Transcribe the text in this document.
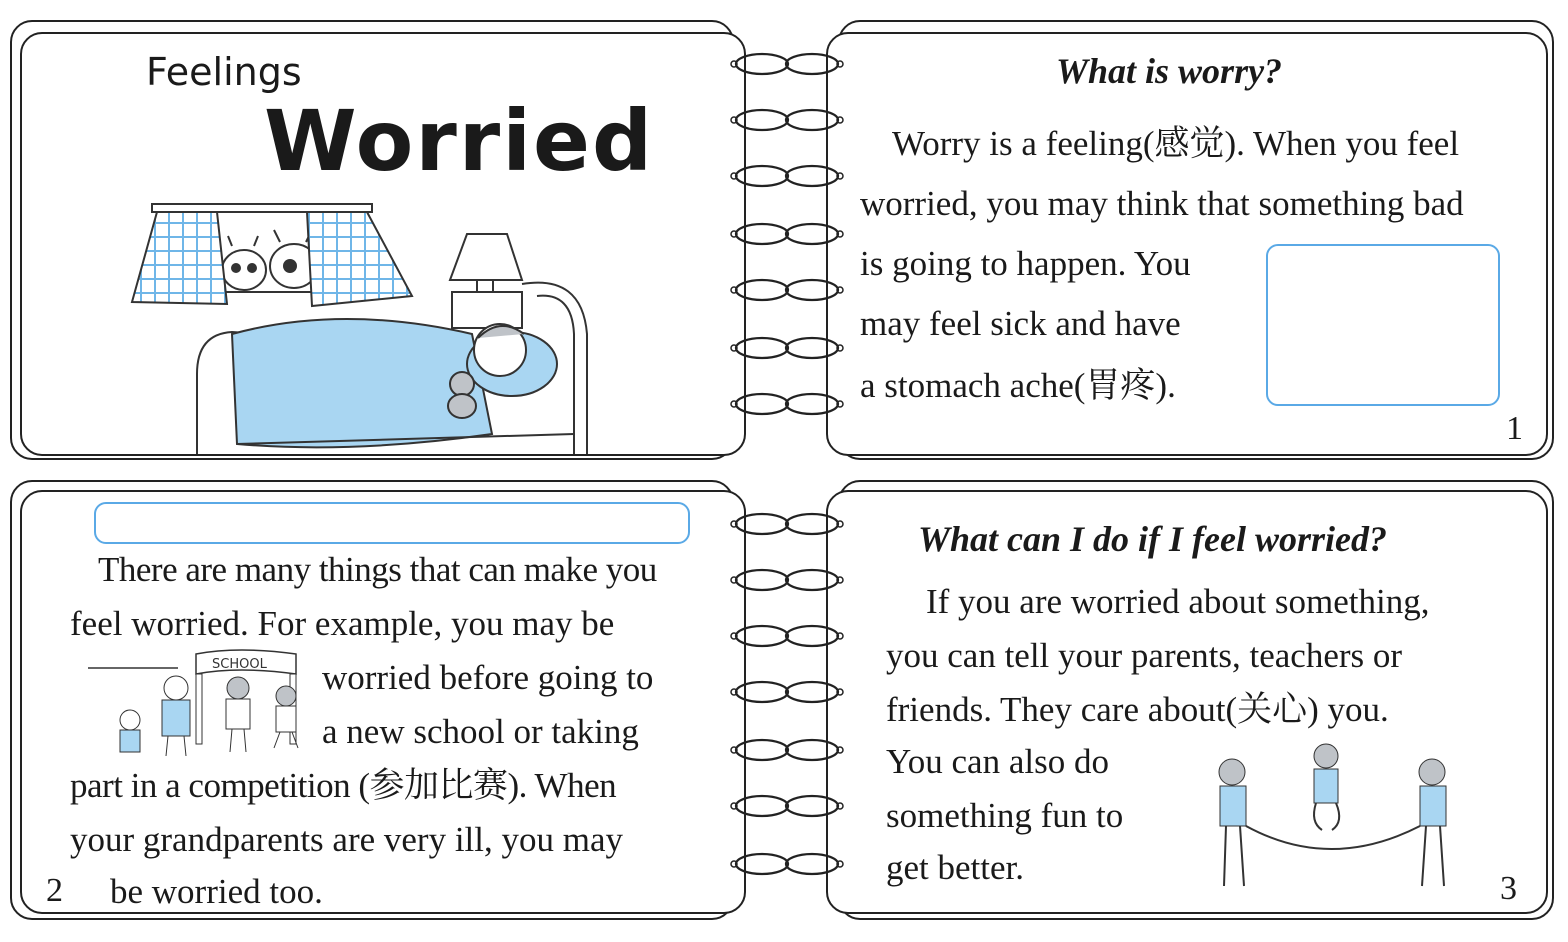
Feelings
Worried
What is worry?
Worry is a feeling(感觉). When you feel
worried, you may think that something bad
is going to happen. You
may feel sick and have
a stomach ache(胃疼).
1
There are many things that can make you
feel worried. For example, you may be
worried before going to
a new school or taking
part in a competition (参加比赛). When
your grandparents are very ill, you may
be worried too.
2
SCHOOL
What can I do if I feel worried?
If you are worried about something,
you can tell your parents, teachers or
friends. They care about(关心) you.
You can also do
something fun to
get better.
3
